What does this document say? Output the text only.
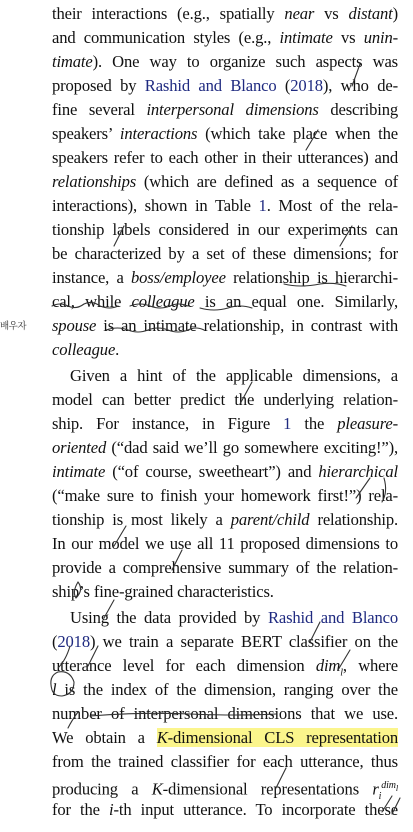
their interactions (e.g., spatially near vs distant)
and communication styles (e.g., intimate vs unin-
timate). One way to organize such aspects was
proposed by Rashid and Blanco (2018), who de-
fine several interpersonal dimensions describing
speakers’ interactions (which take place when the
speakers refer to each other in their utterances) and
relationships (which are defined as a sequence of
interactions), shown in Table 1. Most of the rela-
tionship labels considered in our experiments can
be characterized by a set of these dimensions; for
instance, a boss/employee relationship is hierarchi-
cal, while colleague is an equal one. Similarly,
spouse is an intimate relationship, in contrast with
colleague.
Given a hint of the applicable dimensions, a
model can better predict the underlying relation-
ship. For instance, in Figure 1 the pleasure-
oriented (“dad said we’ll go somewhere exciting!”),
intimate (“of course, sweetheart”) and hierarchical
(“make sure to finish your homework first!”) rela-
tionship is most likely a parent/child relationship.
In our model we use all 11 proposed dimensions to
provide a comprehensive summary of the relation-
ship’s fine-grained characteristics.
Using the data provided by Rashid and Blanco
(2018) we train a separate BERT classifier on the
utterance level for each dimension dim$_l$, where
l is the index of the dimension, ranging over the
number of interpersonal dimensions that we use.
We obtain a K-dimensional CLS representation
from the trained classifier for each utterance, thus
producing a K-dimensional representations $r_i^{dim_l}$
for the i-th input utterance. To incorporate these
배우자
